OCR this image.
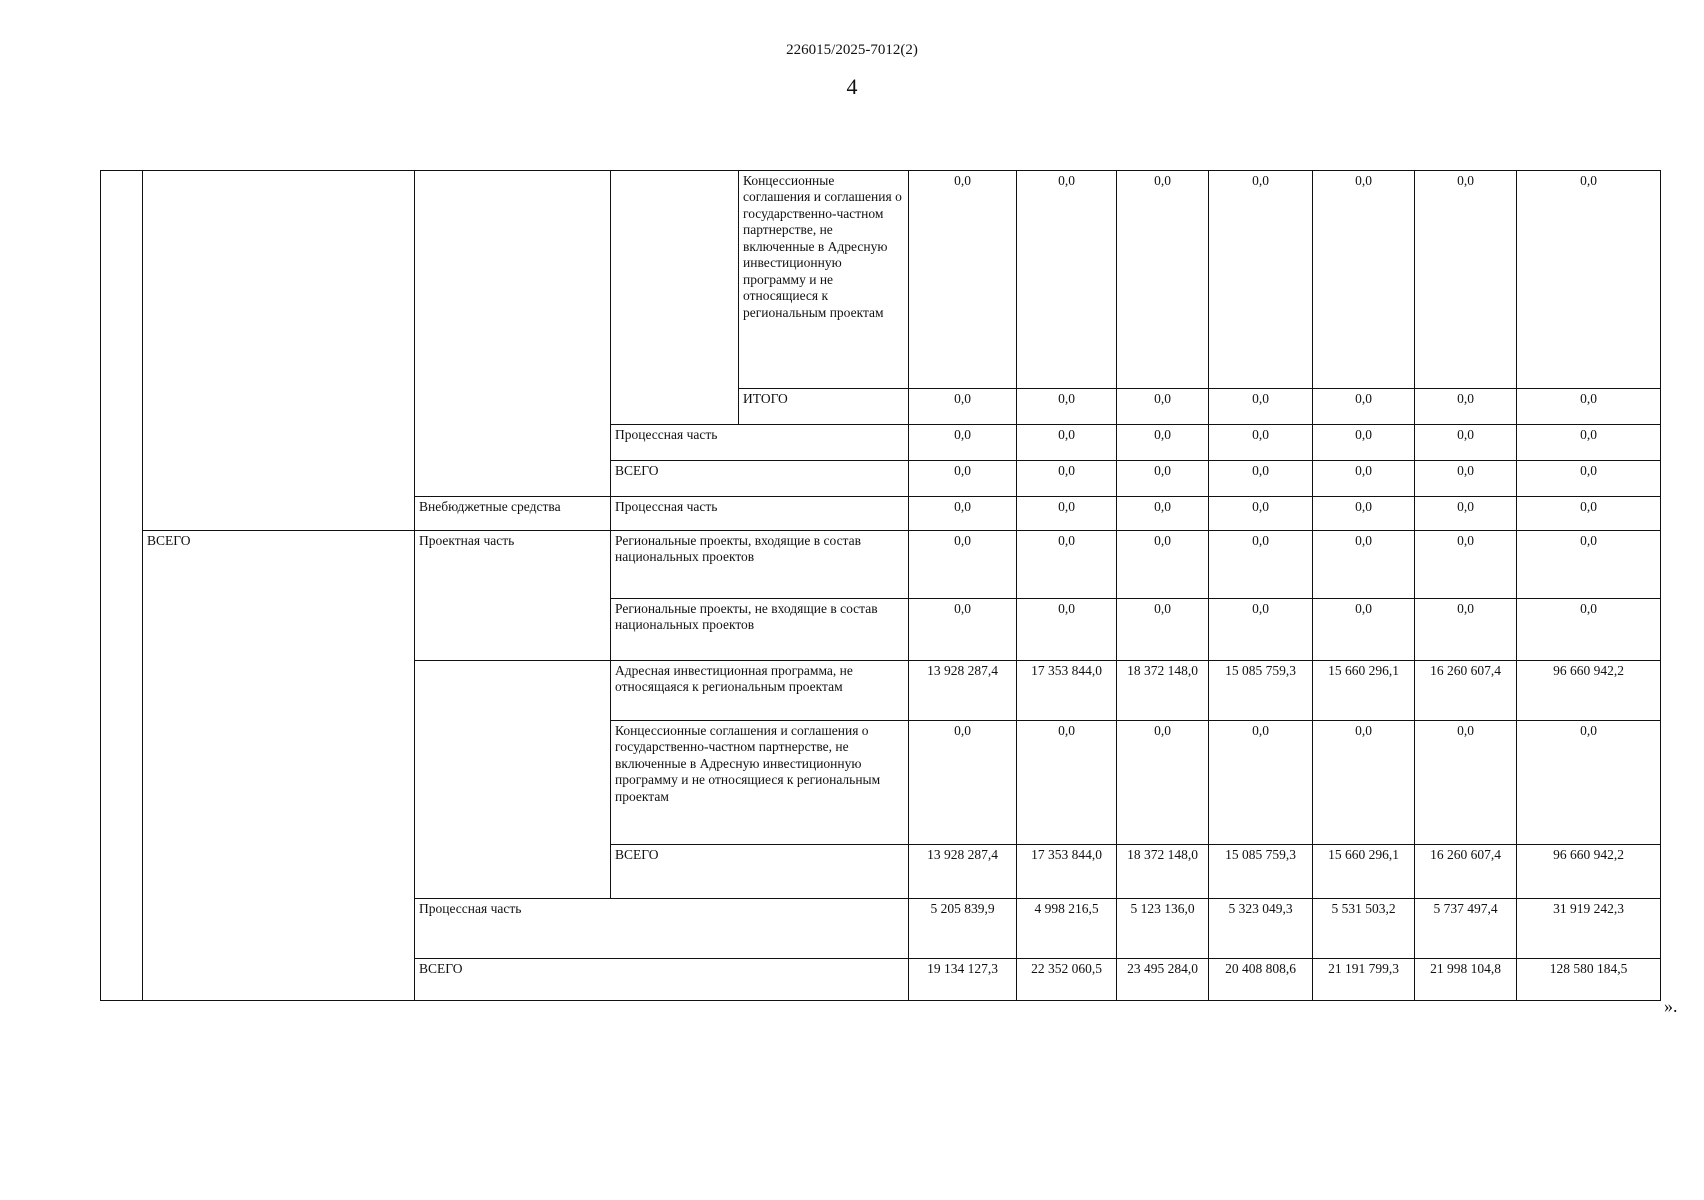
226015/2025-7012(2)
4
				Концессионные соглашения и соглашения о государственно-частном партнерстве, не включенные в Адресную инвестиционную программу и не относящиеся к региональным проектам	0,0	0,0	0,0	0,0	0,0	0,0	0,0
				ИТОГО	0,0	0,0	0,0	0,0	0,0	0,0	0,0
			Процессная часть		0,0	0,0	0,0	0,0	0,0	0,0	0,0
			ВСЕГО		0,0	0,0	0,0	0,0	0,0	0,0	0,0
		Внебюджетные средства	Процессная часть		0,0	0,0	0,0	0,0	0,0	0,0	0,0
	ВСЕГО	Проектная часть	Региональные проекты, входящие в состав национальных проектов		0,0	0,0	0,0	0,0	0,0	0,0	0,0
			Региональные проекты, не входящие в состав национальных проектов		0,0	0,0	0,0	0,0	0,0	0,0	0,0
			Адресная инвестиционная программа, не относящаяся к региональным проектам		13 928 287,4	17 353 844,0	18 372 148,0	15 085 759,3	15 660 296,1	16 260 607,4	96 660 942,2
			Концессионные соглашения и соглашения о государственно-частном партнерстве, не включенные в Адресную инвестиционную программу и не относящиеся к региональным проектам		0,0	0,0	0,0	0,0	0,0	0,0	0,0
			ВСЕГО		13 928 287,4	17 353 844,0	18 372 148,0	15 085 759,3	15 660 296,1	16 260 607,4	96 660 942,2
		Процессная часть			5 205 839,9	4 998 216,5	5 123 136,0	5 323 049,3	5 531 503,2	5 737 497,4	31 919 242,3
		ВСЕГО			19 134 127,3	22 352 060,5	23 495 284,0	20 408 808,6	21 191 799,3	21 998 104,8	128 580 184,5
».
